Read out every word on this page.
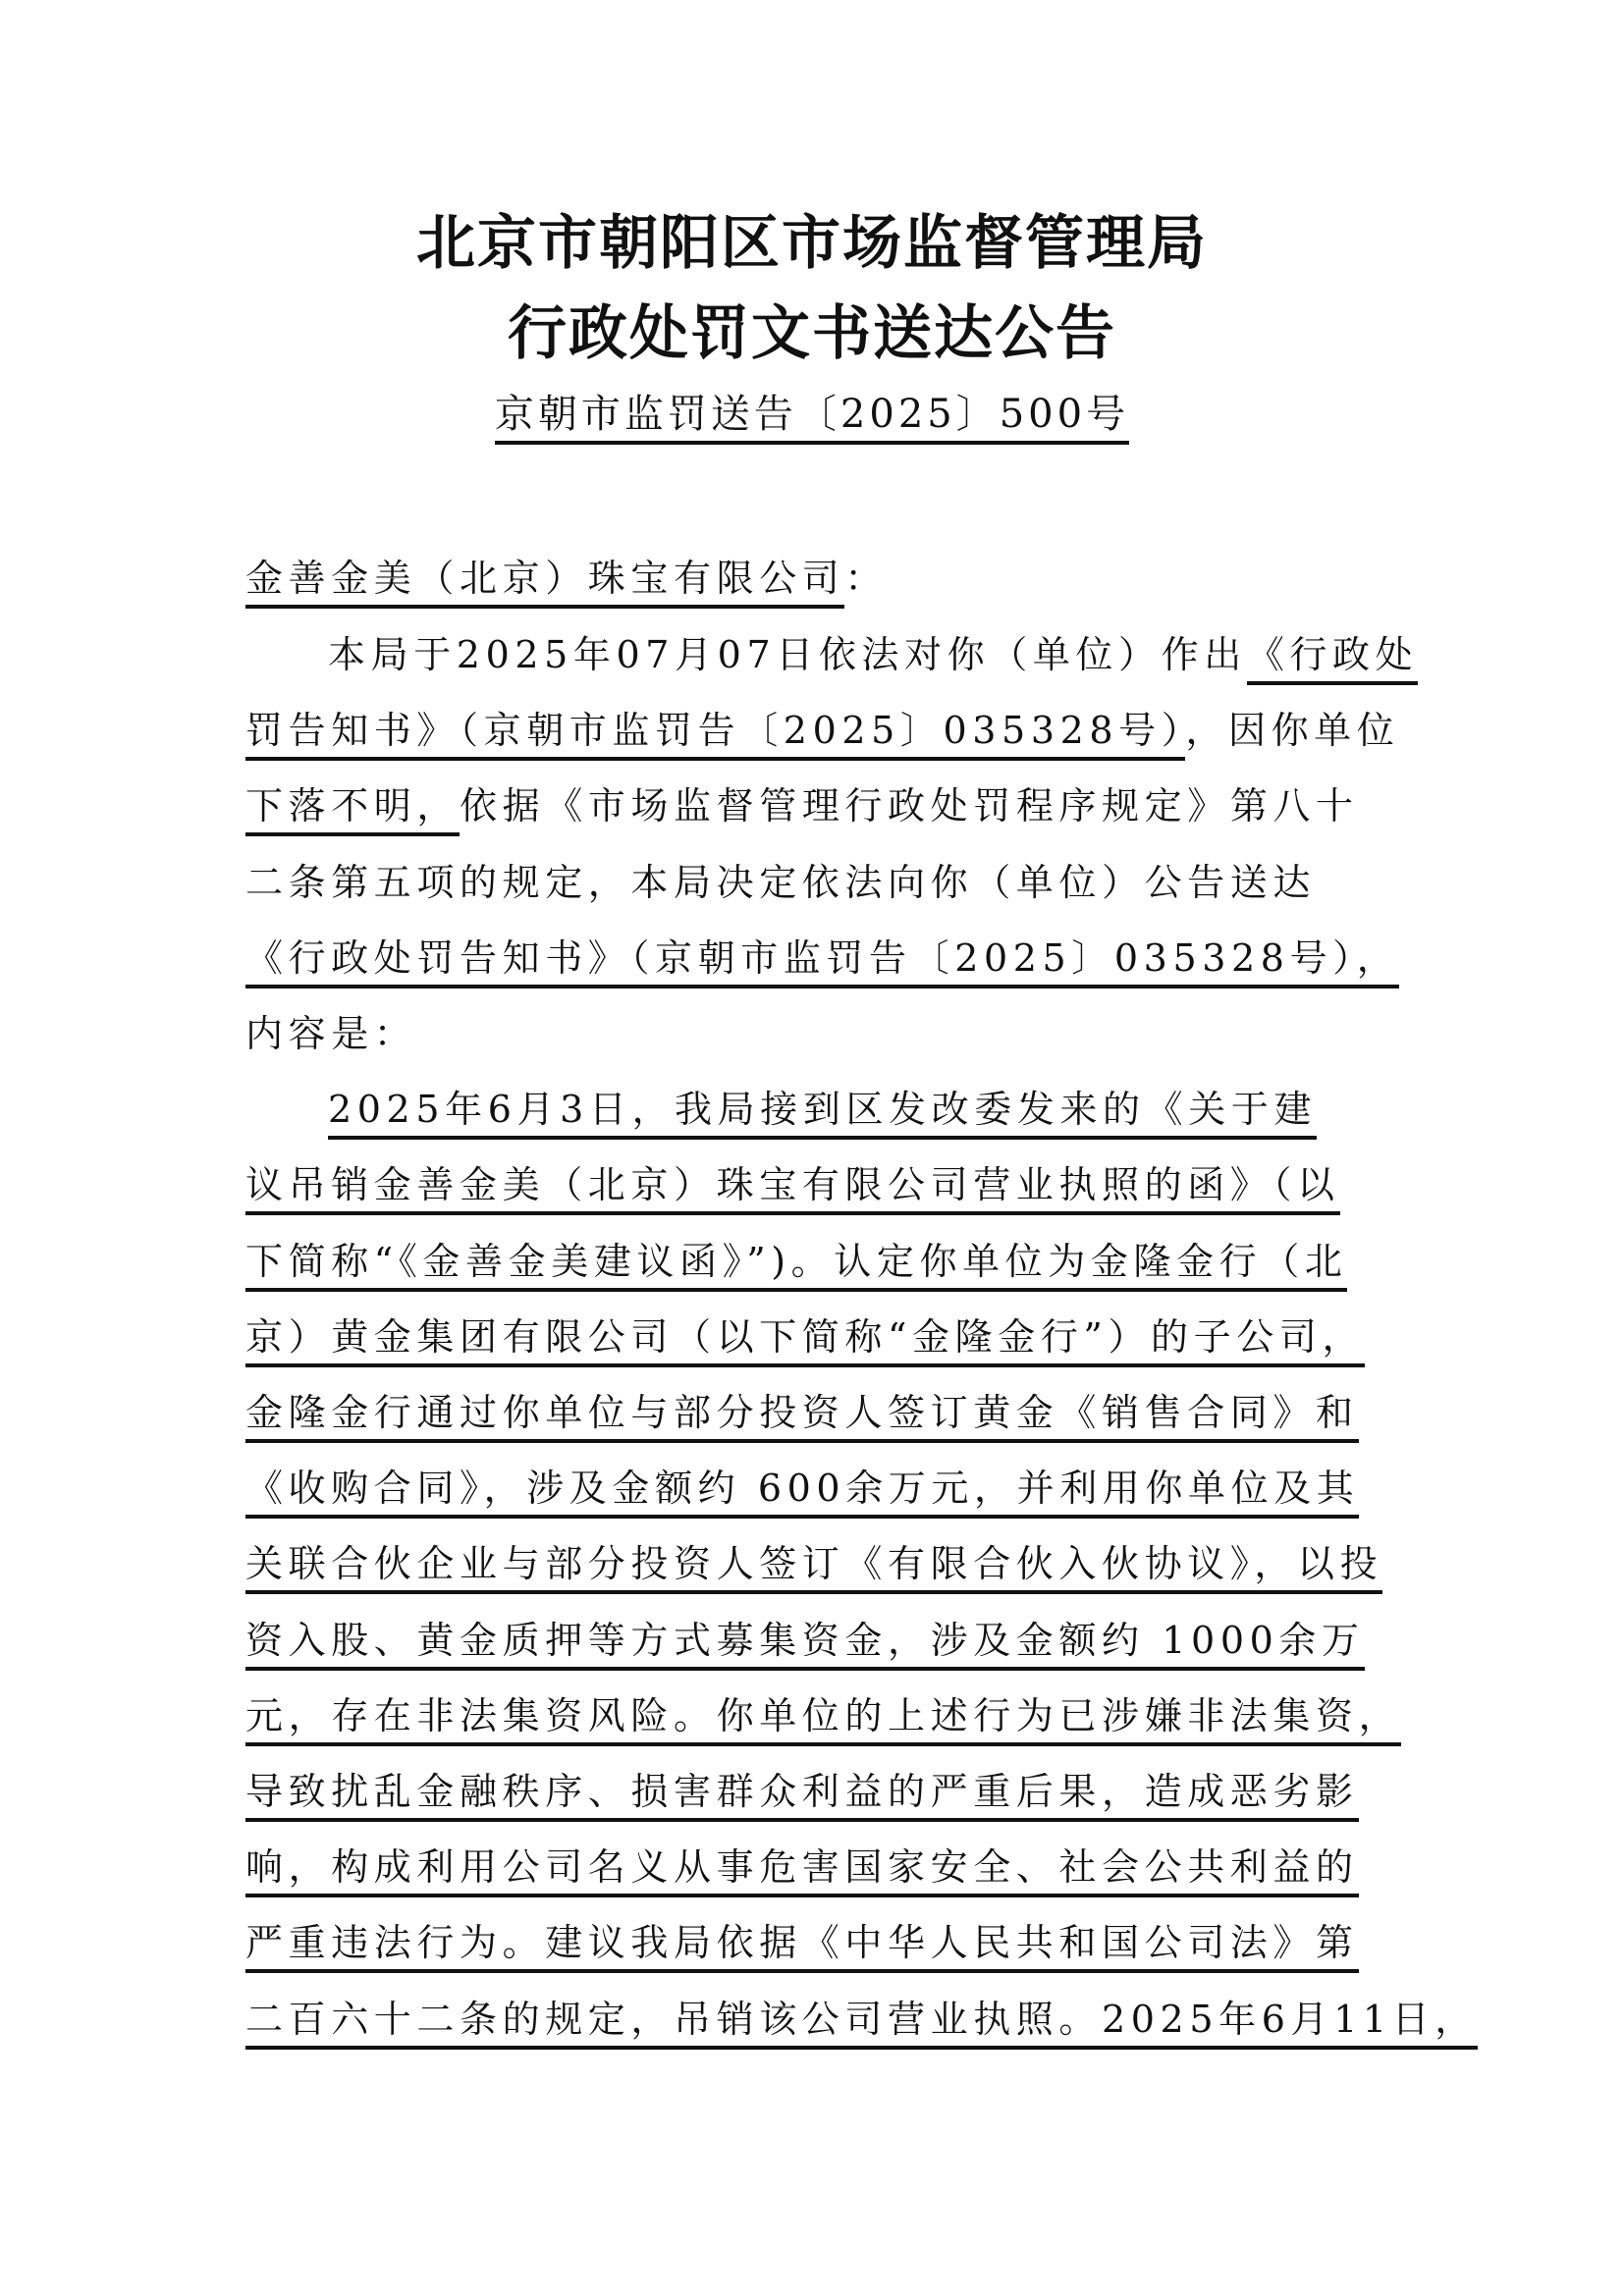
北京市朝阳区市场监督管理局
行政处罚文书送达公告
京朝市监罚送告〔2025〕500号
金善金美（北京）珠宝有限公司：
本局于2025年07月07日依法对你（单位）作出《行政处
罚告知书》（京朝市监罚告〔2025〕035328号），因你单位
下落不明，依据《市场监督管理行政处罚程序规定》第八十
二条第五项的规定，本局决定依法向你（单位）公告送达
《行政处罚告知书》（京朝市监罚告〔2025〕035328号），
内容是：
2025年6月3日，我局接到区发改委发来的《关于建
议吊销金善金美（北京）珠宝有限公司营业执照的函》（以
下简称“《金善金美建议函》”)。认定你单位为金隆金行（北
京）黄金集团有限公司（以下简称“金隆金行”）的子公司，
金隆金行通过你单位与部分投资人签订黄金《销售合同》和
《收购合同》，涉及金额约 600余万元，并利用你单位及其
关联合伙企业与部分投资人签订《有限合伙入伙协议》，以投
资入股、黄金质押等方式募集资金，涉及金额约 1000余万
元，存在非法集资风险。你单位的上述行为已涉嫌非法集资，
导致扰乱金融秩序、损害群众利益的严重后果，造成恶劣影
响，构成利用公司名义从事危害国家安全、社会公共利益的
严重违法行为。建议我局依据《中华人民共和国公司法》第
二百六十二条的规定，吊销该公司营业执照。2025年6月11日，
